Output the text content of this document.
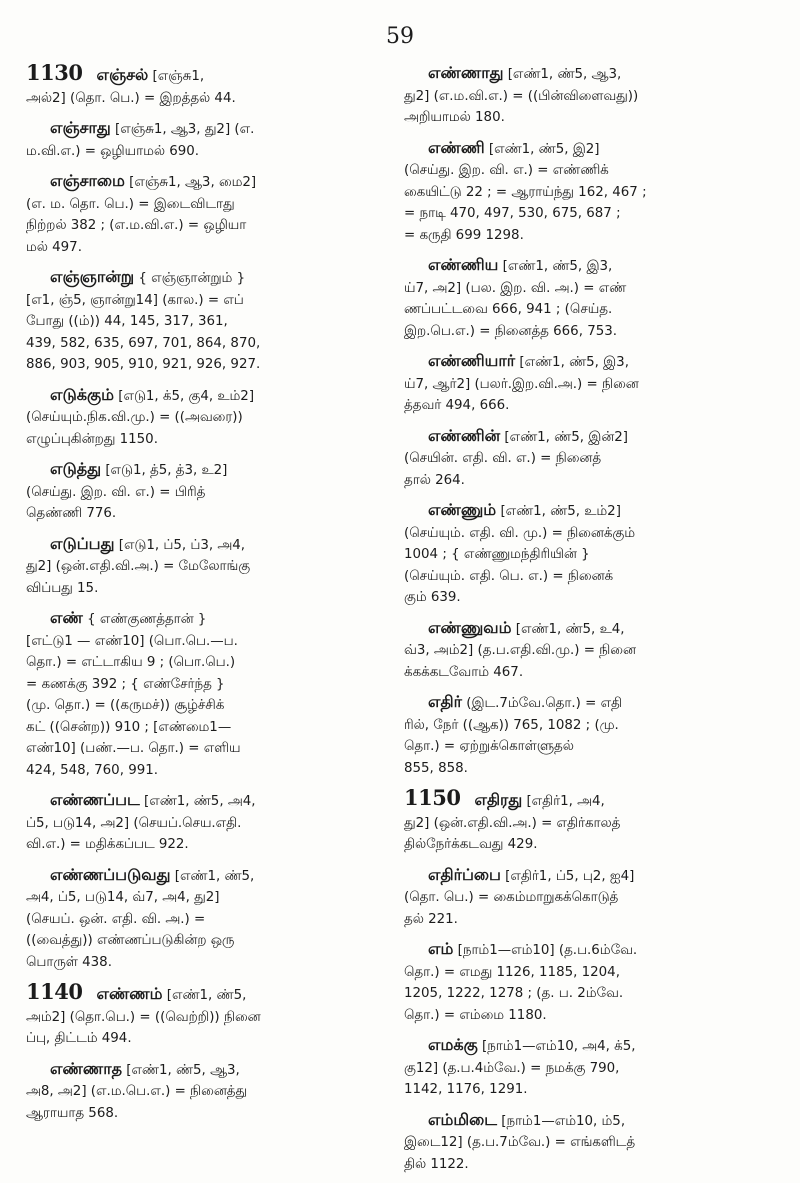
59
1130 எஞ்சல் [எஞ்சு1,
அல்2] (தொ. பெ.) = இறத்தல் 44.
எஞ்சாது [எஞ்சு1, ஆ3, து2] (எ.
ம.வி.எ.) = ஒழியாமல் 690.
எஞ்சாமை [எஞ்சு1, ஆ3, மை2]
(எ. ம. தொ. பெ.) = இடைவிடாது
நிற்றல் 382 ; (எ.ம.வி.எ.) = ஒழியா
மல் 497.
எஞ்ஞான்று { எஞ்ஞான்றும் }
[எ1, ஞ்5, ஞான்று14] (கால.) = எப்
போது ((ம்)) 44, 145, 317, 361,
439, 582, 635, 697, 701, 864, 870,
886, 903, 905, 910, 921, 926, 927.
எடுக்கும் [எடு1, க்5, கு4, உம்2]
(செய்யும்.நிக.வி.மு.) = ((அவரை))
எழுப்புகின்றது 1150.
எடுத்து [எடு1, த்5, த்3, உ2]
(செய்து. இற. வி. எ.) = பிரித்
தெண்ணி 776.
எடுப்பது [எடு1, ப்5, ப்3, அ4,
து2] (ஒன்.எதி.வி.அ.) = மேலோங்கு
விப்பது 15.
எண் { எண்குணத்தான் }
[எட்டு1 — எண்10] (பொ.பெ.—ப.
தொ.) = எட்டாகிய 9 ; (பொ.பெ.)
= கணக்கு 392 ; { எண்சேர்ந்த }
(மு. தொ.) = ((கருமச்)) சூழ்ச்சிக்
கட் ((சென்ற)) 910 ; [எண்மை1—
எண்10] (பண்.—ப. தொ.) = எளிய
424, 548, 760, 991.
எண்ணப்பட [எண்1, ண்5, அ4,
ப்5, படு14, அ2] (செயப்.செய.எதி.
வி.எ.) = மதிக்கப்பட 922.
எண்ணப்படுவது [எண்1, ண்5,
அ4, ப்5, படு14, வ்7, அ4, து2]
(செயப். ஒன். எதி. வி. அ.) =
((வைத்து)) எண்ணப்படுகின்ற ஒரு
பொருள் 438.
1140 எண்ணம் [எண்1, ண்5,
அம்2] (தொ.பெ.) = ((வெற்றி)) நினை
ப்பு, திட்டம் 494.
எண்ணாத [எண்1, ண்5, ஆ3,
அ8, அ2] (எ.ம.பெ.எ.) = நினைத்து
ஆராயாத 568.
எண்ணாது [எண்1, ண்5, ஆ3,
து2] (எ.ம.வி.எ.) = ((பின்விளைவது))
அறியாமல் 180.
எண்ணி [எண்1, ண்5, இ2]
(செய்து. இற. வி. எ.) = எண்ணிக்
கையிட்டு 22 ; = ஆராய்ந்து 162, 467 ;
= நாடி 470, 497, 530, 675, 687 ;
= கருதி 699 1298.
எண்ணிய [எண்1, ண்5, இ3,
ய்7, அ2] (பல. இற. வி. அ.) = எண்
ணப்பட்டவை 666, 941 ; (செய்த.
இற.பெ.எ.) = நினைத்த 666, 753.
எண்ணியார் [எண்1, ண்5, இ3,
ய்7, ஆர்2] (பலர்.இற.வி.அ.) = நினை
த்தவர் 494, 666.
எண்ணின் [எண்1, ண்5, இன்2]
(செயின். எதி. வி. எ.) = நினைத்
தால் 264.
எண்ணும் [எண்1, ண்5, உம்2]
(செய்யும். எதி. வி. மு.) = நினைக்கும்
1004 ; { எண்ணுமந்திரியின் }
(செய்யும். எதி. பெ. எ.) = நினைக்
கும் 639.
எண்ணுவம் [எண்1, ண்5, உ4,
வ்3, அம்2] (த.ப.எதி.வி.மு.) = நினை
க்கக்கடவோம் 467.
எதிர் (இட.7ம்வே.தொ.) = எதி
ரில், நேர் ((ஆக)) 765, 1082 ; (மு.
தொ.) = ஏற்றுக்கொள்ளுதல்
855, 858.
1150 எதிரது [எதிர்1, அ4,
து2] (ஒன்.எதி.வி.அ.) = எதிர்காலத்
தில்நேர்க்கடவது 429.
எதிர்ப்பை [எதிர்1, ப்5, பு2, ஐ4]
(தொ. பெ.) = கைம்மாறுகக்கொடுத்
தல் 221.
எம் [நாம்1—எம்10] (த.ப.6ம்வே.
தொ.) = எமது 1126, 1185, 1204,
1205, 1222, 1278 ; (த. ப. 2ம்வே.
தொ.) = எம்மை 1180.
எமக்கு [நாம்1—எம்10, அ4, க்5,
கு12] (த.ப.4ம்வே.) = நமக்கு 790,
1142, 1176, 1291.
எம்மிடை [நாம்1—எம்10, ம்5,
இடை12] (த.ப.7ம்வே.) = எங்களிடத்
தில் 1122.
